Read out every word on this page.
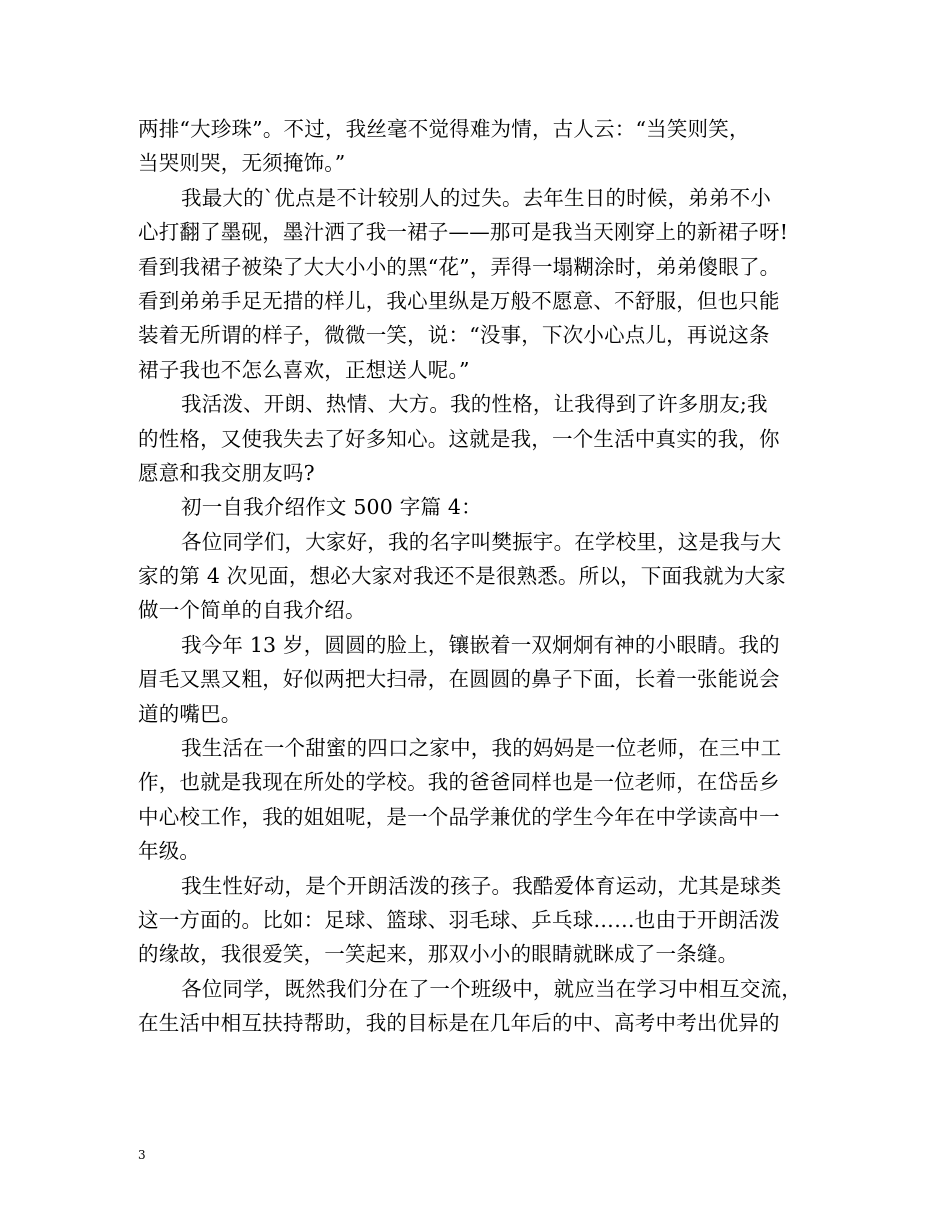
两排“大珍珠”。不过，我丝毫不觉得难为情，古人云：“当笑则笑，
当哭则哭，无须掩饰。”
我最大的`优点是不计较别人的过失。去年生日的时候，弟弟不小
心打翻了墨砚，墨汁洒了我一裙子——那可是我当天刚穿上的新裙子呀!
看到我裙子被染了大大小小的黑“花”，弄得一塌糊涂时，弟弟傻眼了。
看到弟弟手足无措的样儿，我心里纵是万般不愿意、不舒服，但也只能
装着无所谓的样子，微微一笑，说：“没事，下次小心点儿，再说这条
裙子我也不怎么喜欢，正想送人呢。”
我活泼、开朗、热情、大方。我的性格，让我得到了许多朋友;我
的性格，又使我失去了好多知心。这就是我，一个生活中真实的我，你
愿意和我交朋友吗?
初一自我介绍作文 500 字篇 4：
各位同学们，大家好，我的名字叫樊振宇。在学校里，这是我与大
家的第 4 次见面，想必大家对我还不是很熟悉。所以，下面我就为大家
做一个简单的自我介绍。
我今年 13 岁，圆圆的脸上，镶嵌着一双炯炯有神的小眼睛。我的
眉毛又黑又粗，好似两把大扫帚，在圆圆的鼻子下面，长着一张能说会
道的嘴巴。
我生活在一个甜蜜的四口之家中，我的妈妈是一位老师，在三中工
作，也就是我现在所处的学校。我的爸爸同样也是一位老师，在岱岳乡
中心校工作，我的姐姐呢，是一个品学兼优的学生今年在中学读高中一
年级。
我生性好动，是个开朗活泼的孩子。我酷爱体育运动，尤其是球类
这一方面的。比如：足球、篮球、羽毛球、乒乓球……也由于开朗活泼
的缘故，我很爱笑，一笑起来，那双小小的眼睛就眯成了一条缝。
各位同学，既然我们分在了一个班级中，就应当在学习中相互交流，
在生活中相互扶持帮助，我的目标是在几年后的中、高考中考出优异的
3
